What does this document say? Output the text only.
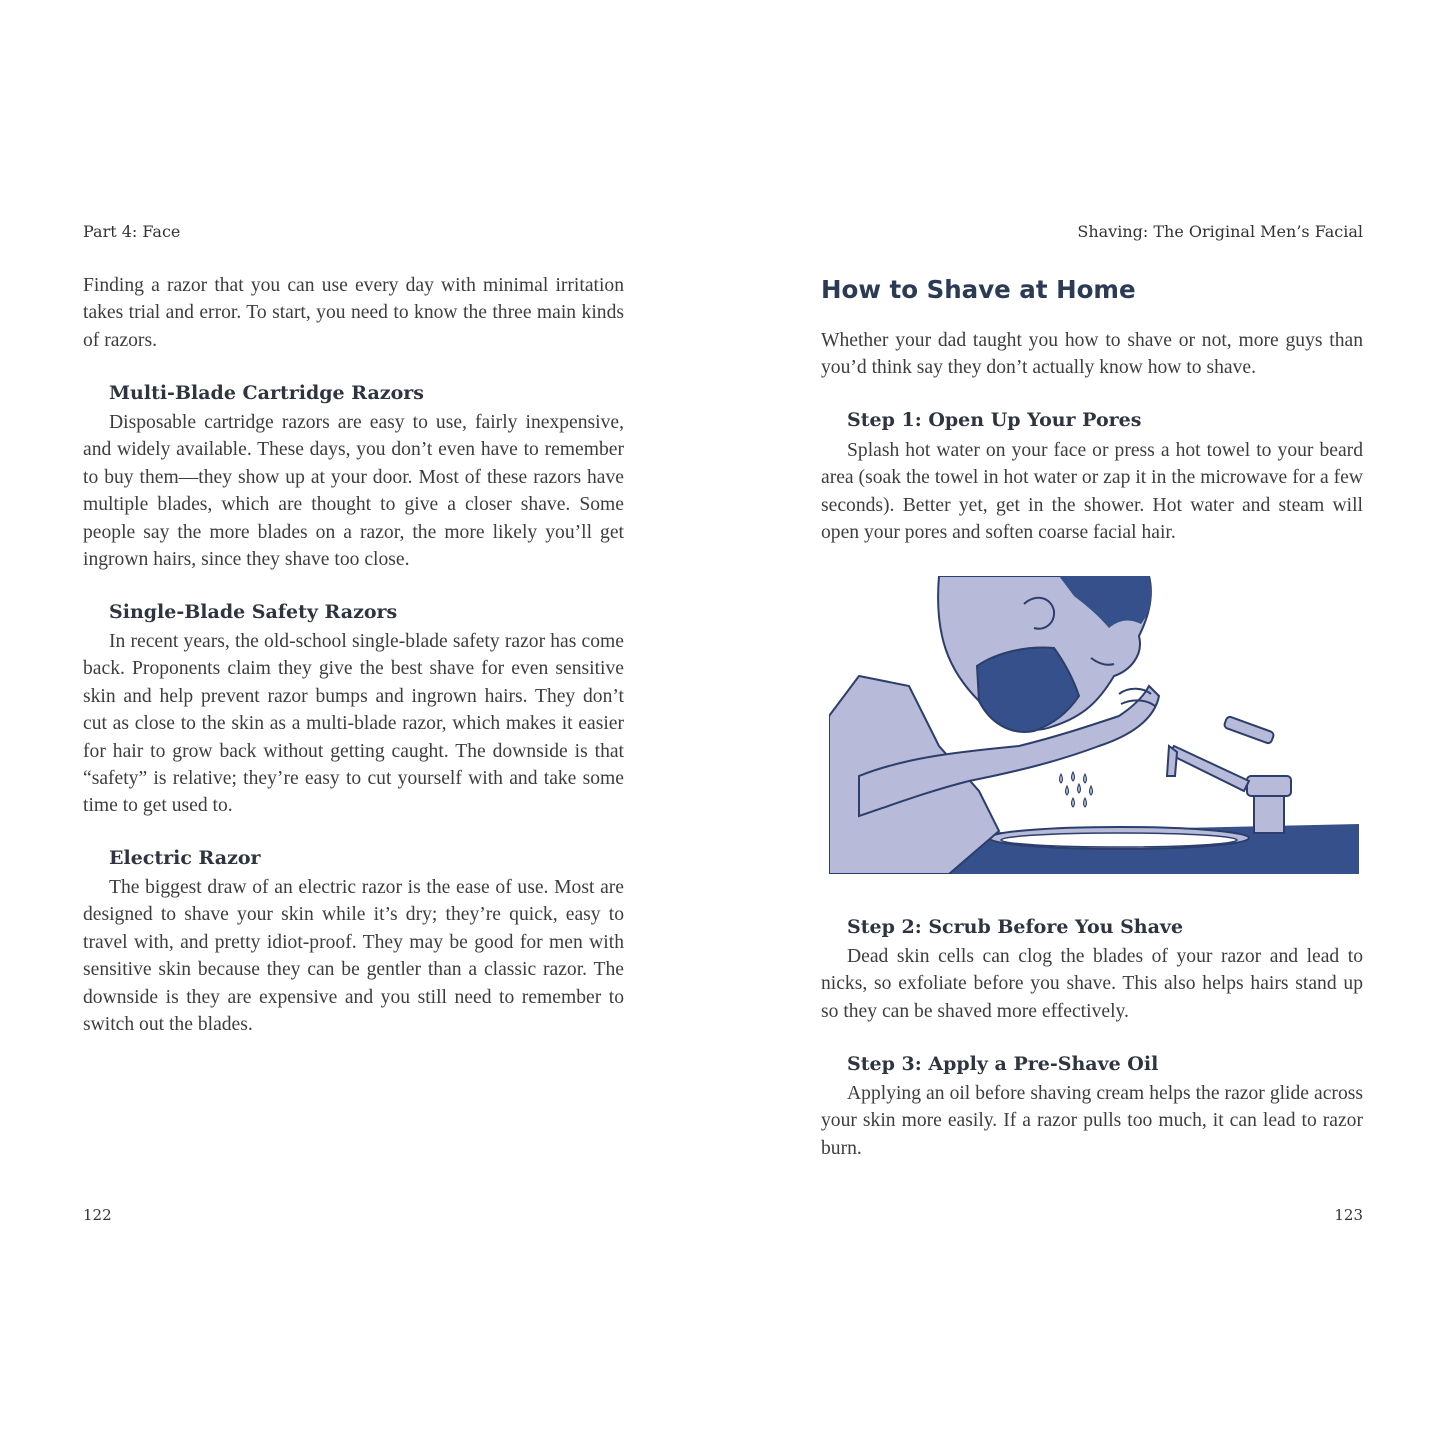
Part 4: Face

Finding a razor that you can use every day with minimal irritation takes trial and error. To start, you need to know the three main kinds of razors.

Multi-Blade Cartridge Razors

Disposable cartridge razors are easy to use, fairly inexpensive, and widely available. These days, you don’t even have to remember to buy them—they show up at your door. Most of these razors have multiple blades, which are thought to give a closer shave. Some people say the more blades on a razor, the more likely you’ll get ingrown hairs, since they shave too close.

Single-Blade Safety Razors

In recent years, the old-school single-blade safety razor has come back. Proponents claim they give the best shave for even sensitive skin and help prevent razor bumps and ingrown hairs. They don’t cut as close to the skin as a multi-blade razor, which makes it easier for hair to grow back without getting caught. The downside is that “safety” is relative; they’re easy to cut yourself with and take some time to get used to.

Electric Razor

The biggest draw of an electric razor is the ease of use. Most are designed to shave your skin while it’s dry; they’re quick, easy to travel with, and pretty idiot-proof. They may be good for men with sensitive skin because they can be gentler than a classic razor. The downside is they are expensive and you still need to remember to switch out the blades.

122
Shaving: The Original Men’s Facial
How to Shave at Home

Whether your dad taught you how to shave or not, more guys than you’d think say they don’t actually know how to shave.

Step 1: Open Up Your Pores

Splash hot water on your face or press a hot towel to your beard area (soak the towel in hot water or zap it in the microwave for a few seconds). Better yet, get in the shower. Hot water and steam will open your pores and soften coarse facial hair.

Step 2: Scrub Before You Shave

Dead skin cells can clog the blades of your razor and lead to nicks, so exfoliate before you shave. This also helps hairs stand up so they can be shaved more effectively.

Step 3: Apply a Pre-Shave Oil

Applying an oil before shaving cream helps the razor glide across your skin more easily. If a razor pulls too much, it can lead to razor burn.

123
